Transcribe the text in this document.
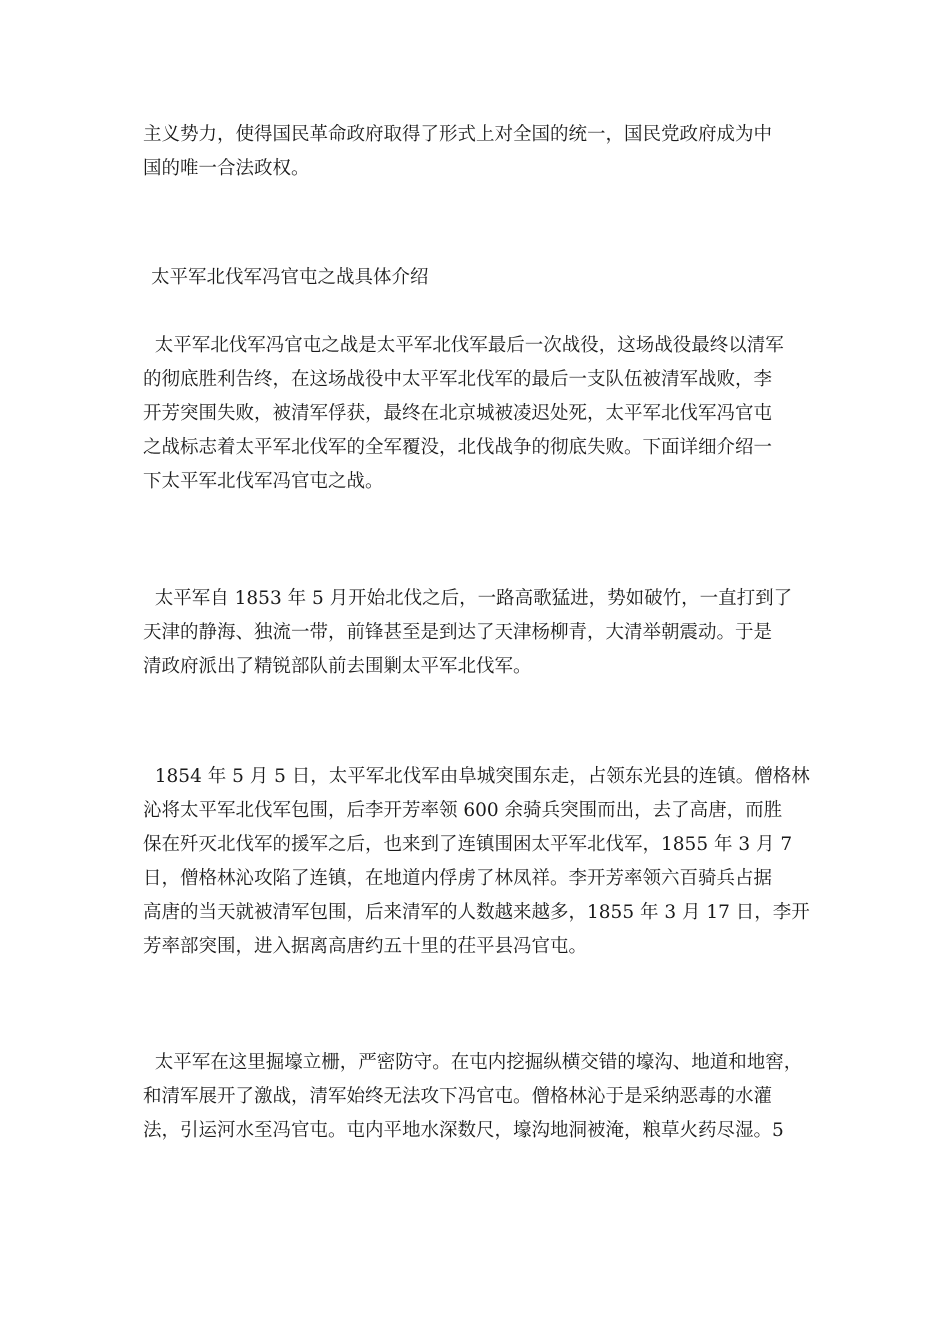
主义势力，使得国民革命政府取得了形式上对全国的统一，国民党政府成为中
国的唯一合法政权。
太平军北伐军冯官屯之战具体介绍
太平军北伐军冯官屯之战是太平军北伐军最后一次战役，这场战役最终以清军
的彻底胜利告终，在这场战役中太平军北伐军的最后一支队伍被清军战败，李
开芳突围失败，被清军俘获，最终在北京城被凌迟处死，太平军北伐军冯官屯
之战标志着太平军北伐军的全军覆没，北伐战争的彻底失败。下面详细介绍一
下太平军北伐军冯官屯之战。
太平军自 1853 年 5 月开始北伐之后，一路高歌猛进，势如破竹，一直打到了
天津的静海、独流一带，前锋甚至是到达了天津杨柳青，大清举朝震动。于是
清政府派出了精锐部队前去围剿太平军北伐军。
1854 年 5 月 5 日，太平军北伐军由阜城突围东走，占领东光县的连镇。僧格林
沁将太平军北伐军包围，后李开芳率领 600 余骑兵突围而出，去了高唐，而胜
保在歼灭北伐军的援军之后，也来到了连镇围困太平军北伐军，1855 年 3 月 7
日，僧格林沁攻陷了连镇，在地道内俘虏了林凤祥。李开芳率领六百骑兵占据
高唐的当天就被清军包围，后来清军的人数越来越多，1855 年 3 月 17 日，李开
芳率部突围，进入据离高唐约五十里的茌平县冯官屯。
太平军在这里掘壕立栅，严密防守。在屯内挖掘纵横交错的壕沟、地道和地窖，
和清军展开了激战，清军始终无法攻下冯官屯。僧格林沁于是采纳恶毒的水灌
法，引运河水至冯官屯。屯内平地水深数尺，壕沟地洞被淹，粮草火药尽湿。5
